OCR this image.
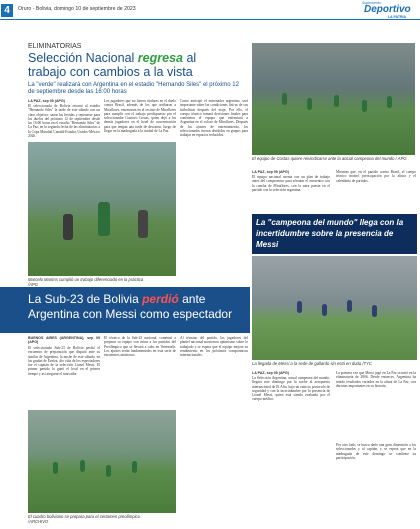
4	Oruro - Bolivia, domingo 10 de septiembre de 2023
Suplemento
Deportivo
LA PATRIA
ELIMINATORIAS
Selección Nacional regresa al
trabajo con cambios a la vista
La "verde" realizará con Argentina en el estadio "Hernando Siles" el próximo 12 de septiembre desde las 16:00 horas
LA PAZ, sep 09 (APG)
El seleccionado de Bolivia retornó al estadio "Hernando Siles" la tarde de este sábado con un claro objetivo: sanar las heridas y reponerse para los duelos del próximo 12 de septiembre desde las 16:00 horas en el estadio "Hernando Siles" de La Paz, en la segunda fecha de las eliminatorias a la Copa Mundial Canadá-Estados Unidos-México 2026.
Los jugadores que no fueron titulares en el duelo contra Brasil, además de los que arribaron a Miraflores, entrenaron en el recinto de Miraflores para cumplir con el trabajo predispuesto por el seleccionador Gustavo Costas, quien dejó a los demás jugadores en el hotel de concentración para que tengan una tarde de descanso, luego de llegar en la madrugada a la ciudad de La Paz.
Como anticipó el entrenador argentino, será importante saber las condiciones físicas de sus futbolistas después del viaje. Por ello, el cuerpo técnico tomará decisiones finales para conformar el equipo que enfrentará a Argentina en el coloso de Miraflores. Después de los ajustes de entrenamiento, los seleccionados fueron divididos en grupos para trabajar en espacios reducidos.
Marcelo Martins cumplió un trabajo diferenciado en la práctica
/APG
El equipo de Costas quiere reivindicarse ante la actual campeona del mundo / APG
LA PAZ, sep 09 (APG)
El equipo nacional cuenta con un plan de trabajo antes del compromiso para afrontar el encuentro con la cancha de Miraflores, con la mira puesta en el partido con la selección argentina.
Mientras que, en el partido contra Brasil, el cuerpo técnico mostró preocupación por la altura y el calendario de partidos.
La "campeona del mundo" llega con la incertidumbre sobre la presencia de Messi
La llegada de Messi a la sede de gallardo sin está en duda /TYC
LA PAZ, sep 09 (APG)
La Selección Argentina, actual campeona del mundo, llegará este domingo por la noche al aeropuerto internacional de El Alto, bajo un estricto protocolo de seguridad y con la incertidumbre por la presencia de Lionel Messi, quien está siendo evaluado por el cuerpo médico.
La primera vez que Messi jugó en La Paz ocurrió en la eliminatoria de 2006. Desde entonces, Argentina ha tenido resultados variados en la altura de La Paz, con derrotas importantes en su historia.
Por otro lado, se busca darle una gran dimensión a los seleccionados y al capitán, y se espera que en la madrugada de este domingo se confirme su participación.
La Sub-23 de Bolivia perdió ante
Argentina con Messi como espectador
BUENOS AIRES (ARGENTINA), sep 09 (APG)
El seleccionado Sub-23 de Bolivia perdió el encuentro de preparación que disputó ante su similar de Argentina, la noche de este sábado, en las gradas de Ezeiza, dio vida de los espectadores fue el capitán de la selección Lionel Messi. El primer partido lo ganó el local en el primer tiempo y así asegurar el marcador.
El técnico de la Sub-23 nacional, comenzó a preparar su equipo con miras a los partidos del Preolímpico que se llevará a cabo en Venezuela. Los ajustes serán fundamentales en esta serie de encuentros amistosos.
Al término del partido, los jugadores del plantel nacional mostraron optimismo sobre lo trabajado y se espera que el equipo mejore su rendimiento en los próximos compromisos internacionales.
El cuadro boliviano se prepara para el certamen preolímpico
/ARCHIVO
